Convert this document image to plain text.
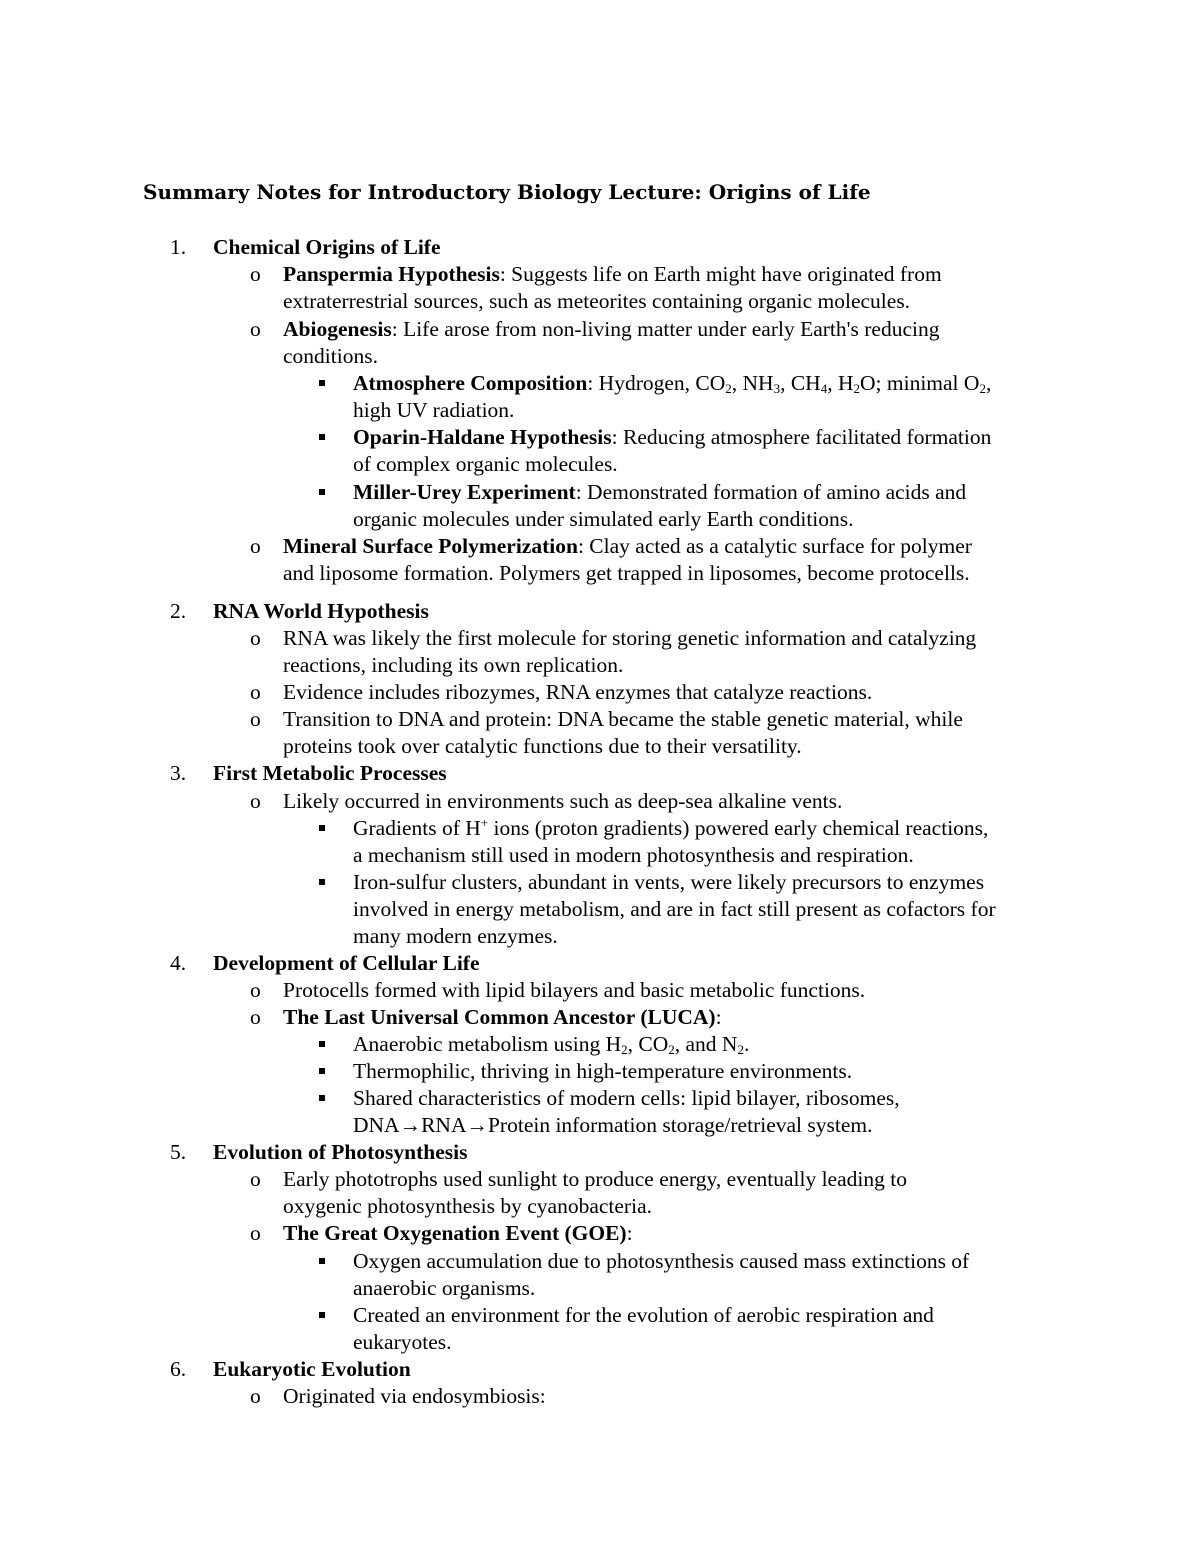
Summary Notes for Introductory Biology Lecture: Origins of Life
1. Chemical Origins of Life
o Panspermia Hypothesis: Suggests life on Earth might have originated from
extraterrestrial sources, such as meteorites containing organic molecules.
o Abiogenesis: Life arose from non-living matter under early Earth's reducing
conditions.
Atmosphere Composition: Hydrogen, $CO_2$, $NH_3$, $CH_4$, $H_2O$; minimal $O_2$,
high UV radiation.
Oparin-Haldane Hypothesis: Reducing atmosphere facilitated formation
of complex organic molecules.
Miller-Urey Experiment: Demonstrated formation of amino acids and
organic molecules under simulated early Earth conditions.
o Mineral Surface Polymerization: Clay acted as a catalytic surface for polymer
and liposome formation. Polymers get trapped in liposomes, become protocells.
2. RNA World Hypothesis
o RNA was likely the first molecule for storing genetic information and catalyzing
reactions, including its own replication.
o Evidence includes ribozymes, RNA enzymes that catalyze reactions.
o Transition to DNA and protein: DNA became the stable genetic material, while
proteins took over catalytic functions due to their versatility.
3. First Metabolic Processes
o Likely occurred in environments such as deep-sea alkaline vents.
Gradients of H+ ions (proton gradients) powered early chemical reactions,
a mechanism still used in modern photosynthesis and respiration.
Iron-sulfur clusters, abundant in vents, were likely precursors to enzymes
involved in energy metabolism, and are in fact still present as cofactors for
many modern enzymes.
4. Development of Cellular Life
o Protocells formed with lipid bilayers and basic metabolic functions.
o The Last Universal Common Ancestor (LUCA):
Anaerobic metabolism using $H_2$, $CO_2$, and $N_2$.
Thermophilic, thriving in high-temperature environments.
Shared characteristics of modern cells: lipid bilayer, ribosomes,
DNA→RNA→Protein information storage/retrieval system.
5. Evolution of Photosynthesis
o Early phototrophs used sunlight to produce energy, eventually leading to
oxygenic photosynthesis by cyanobacteria.
o The Great Oxygenation Event (GOE):
Oxygen accumulation due to photosynthesis caused mass extinctions of
anaerobic organisms.
Created an environment for the evolution of aerobic respiration and
eukaryotes.
6. Eukaryotic Evolution
o Originated via endosymbiosis:
